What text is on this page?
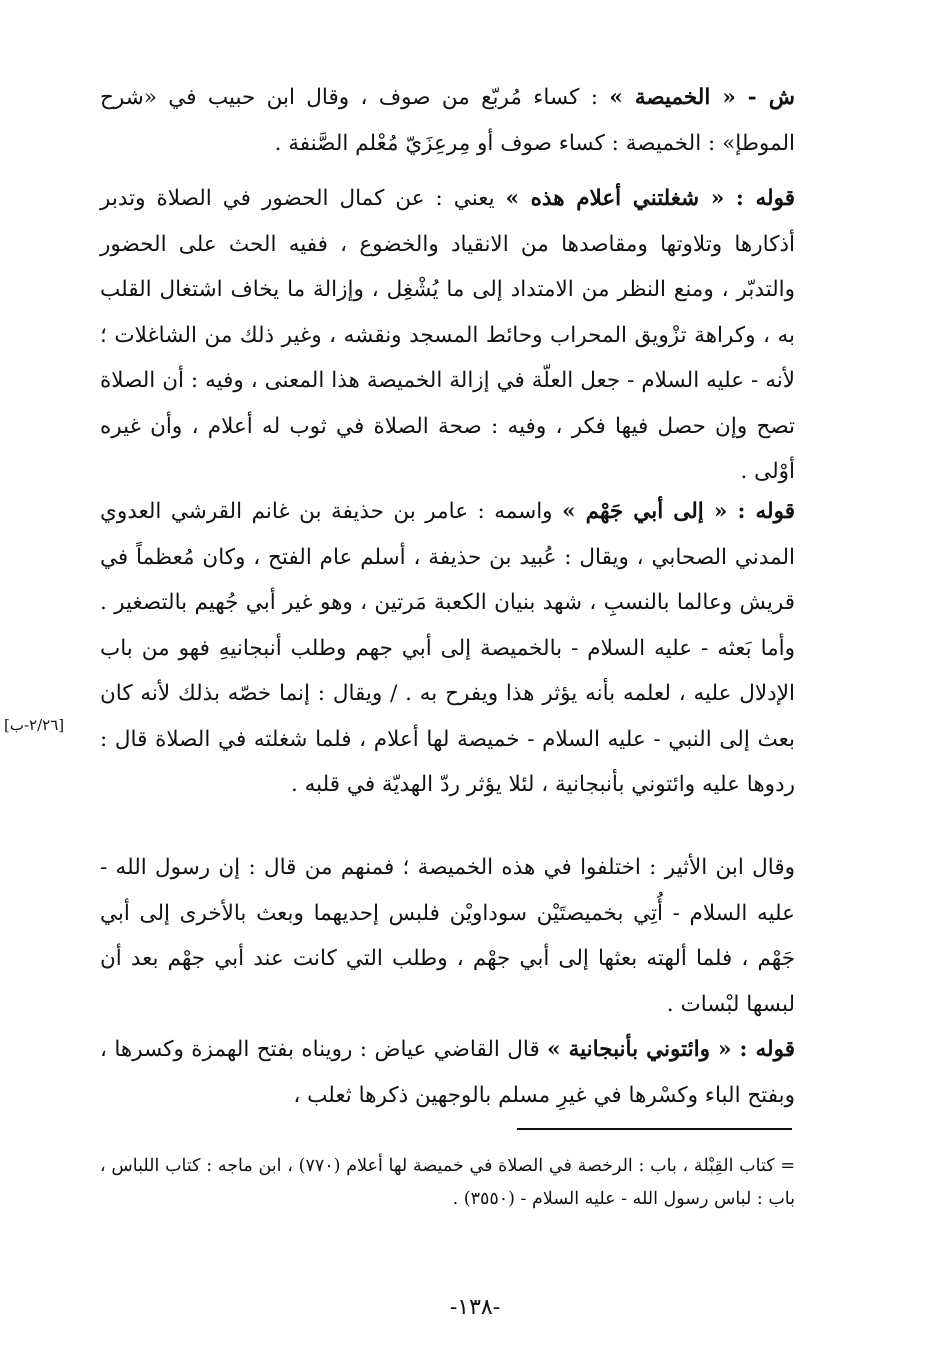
ش - « الخميصة » : كساء مُربّع من صوف ، وقال ابن حبيب في «شرح الموطإ» : الخميصة : كساء صوف أو مِرعِزَيّ مُعْلم الصَّنفة .

قوله : « شغلتني أعلام هذه » يعني : عن كمال الحضور في الصلاة وتدبر أذكارها وتلاوتها ومقاصدها من الانقياد والخضوع ، ففيه الحث على الحضور والتدبّر ، ومنع النظر من الامتداد إلى ما يُشْغِل ، وإزالة ما يخاف اشتغال القلب به ، وكراهة تزْويق المحراب وحائط المسجد ونقشه ، وغير ذلك من الشاغلات ؛ لأنه - عليه السلام - جعل العلّة في إزالة الخميصة هذا المعنى ، وفيه : أن الصلاة تصح وإن حصل فيها فكر ، وفيه : صحة الصلاة في ثوب له أعلام ، وأن غيره أوْلى .

قوله : « إلى أبي جَهْم » واسمه : عامر بن حذيفة بن غانم القرشي العدوي المدني الصحابي ، ويقال : عُبيد بن حذيفة ، أسلم عام الفتح ، وكان مُعظماً في قريش وعالما بالنسبِ ، شهد بنيان الكعبة مَرتين ، وهو غير أبي جُهيم بالتصغير . وأما بَعثه - عليه السلام - بالخميصة إلى أبي جهم وطلب أنبجانيهِ فهو من باب الإدلال عليه ، لعلمه بأنه يؤثر هذا ويفرح به . / ويقال : إنما خصّه بذلك لأنه كان بعث إلى النبي - عليه السلام - خميصة لها أعلام ، فلما شغلته في الصلاة قال : ردوها عليه وائتوني بأنبجانية ، لئلا يؤثر ردّ الهديّة في قلبه .

[٢/٢٦-ب]

وقال ابن الأثير : اختلفوا في هذه الخميصة ؛ فمنهم من قال : إن رسول الله - عليه السلام - أُتِي بخميصتَيْن سوداويْن فلبس إحديهما وبعث بالأخرى إلى أبي جَهْم ، فلما ألهته بعثها إلى أبي جهْم ، وطلب التي كانت عند أبي جهْم بعد أن لبسها لبْسات .

قوله : « وائتوني بأنبجانية » قال القاضي عياض : رويناه بفتح الهمزة وكسرها ، وبفتح الباء وكسْرها في غيرِ مسلم بالوجهين ذكرها ثعلب ،

= كتاب القِبْلة ، باب : الرخصة في الصلاة في خميصة لها أعلام (٧٧٠) ، ابن ماجه : كتاب اللباس ، باب : لباس رسول الله - عليه السلام - (٣٥٥٠) .
-١٣٨-
